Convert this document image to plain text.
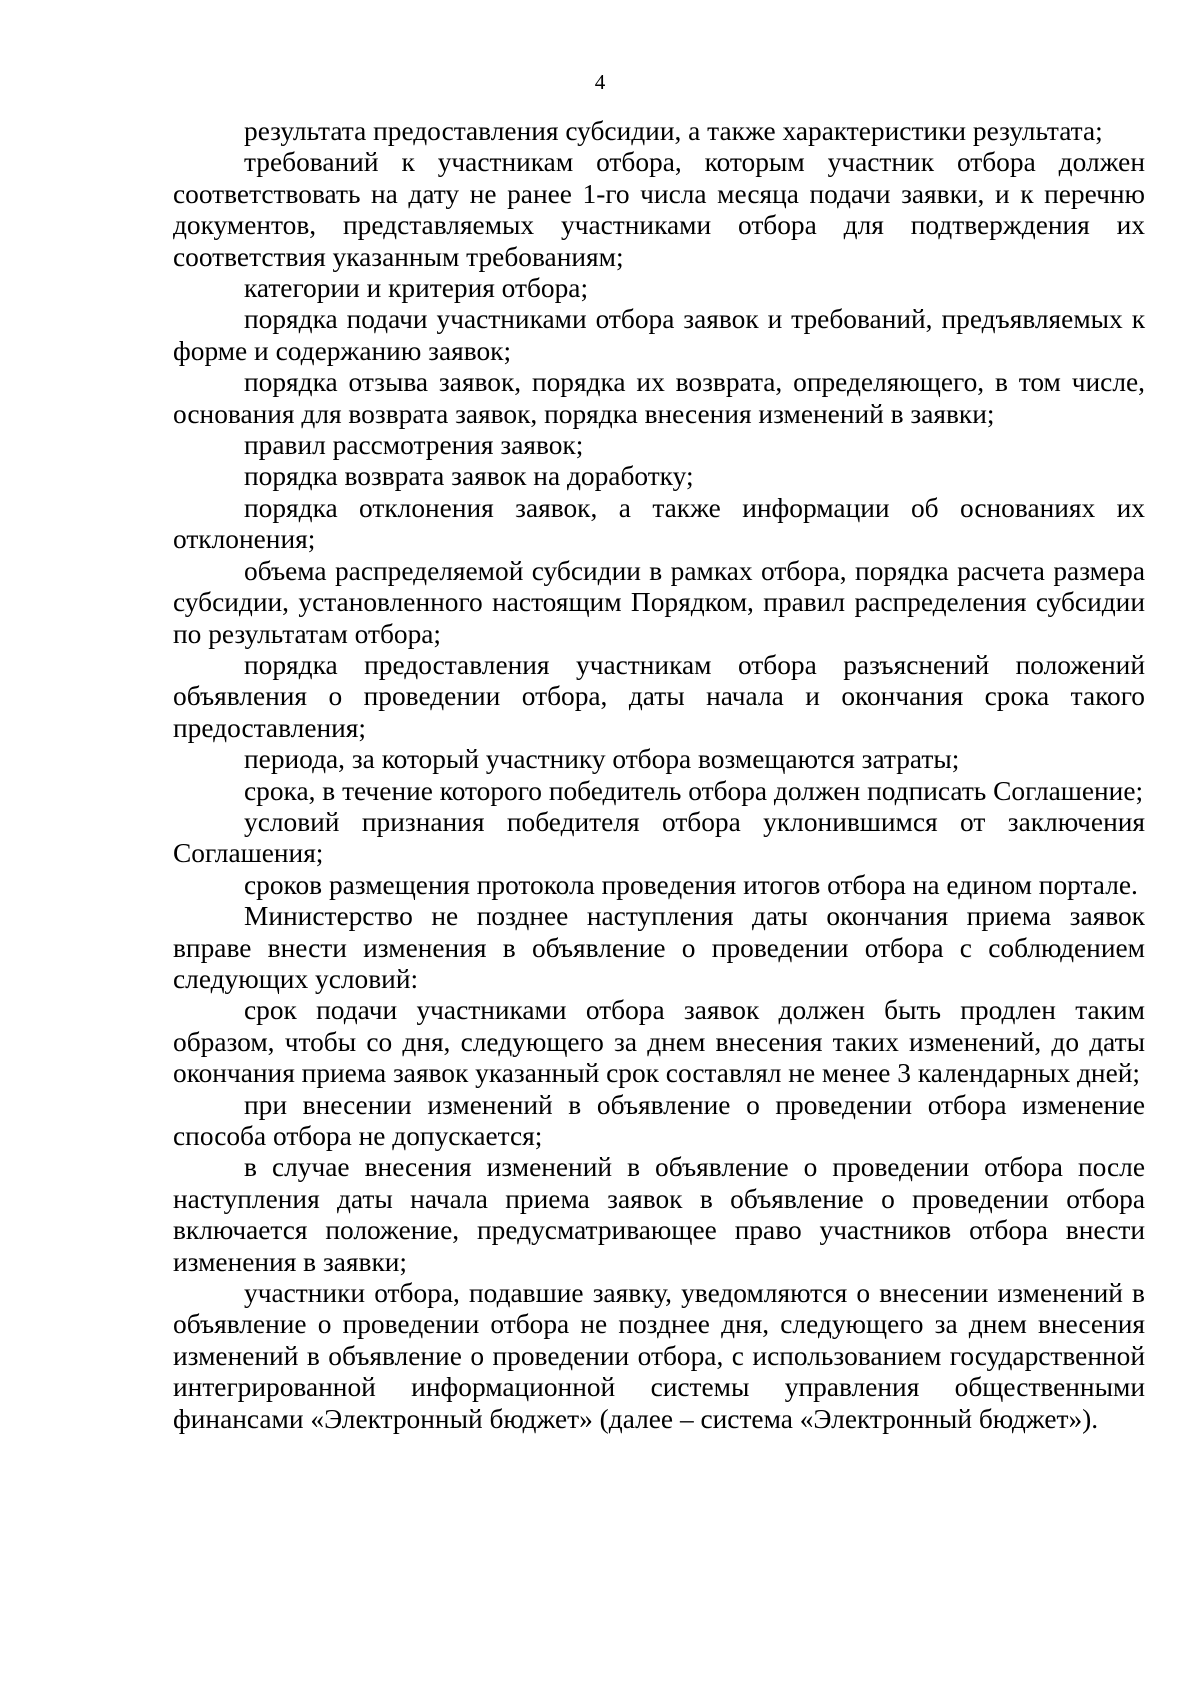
4

результата предоставления субсидии, а также характеристики результата;

требований к участникам отбора, которым участник отбора должен соответствовать на дату не ранее 1-го числа месяца подачи заявки, и к перечню документов, представляемых участниками отбора для подтверждения их соответствия указанным требованиям;

категории и критерия отбора;

порядка подачи участниками отбора заявок и требований, предъявляемых к форме и содержанию заявок;

порядка отзыва заявок, порядка их возврата, определяющего, в том числе, основания для возврата заявок, порядка внесения изменений в заявки;

правил рассмотрения заявок;

порядка возврата заявок на доработку;

порядка отклонения заявок, а также информации об основаниях их отклонения;

объема распределяемой субсидии в рамках отбора, порядка расчета размера субсидии, установленного настоящим Порядком, правил распределения субсидии по результатам отбора;

порядка предоставления участникам отбора разъяснений положений объявления о проведении отбора, даты начала и окончания срока такого предоставления;

периода, за который участнику отбора возмещаются затраты;

срока, в течение которого победитель отбора должен подписать Соглашение;

условий признания победителя отбора уклонившимся от заключения Соглашения;

сроков размещения протокола проведения итогов отбора на едином портале.

Министерство не позднее наступления даты окончания приема заявок вправе внести изменения в объявление о проведении отбора с соблюдением следующих условий:

срок подачи участниками отбора заявок должен быть продлен таким образом, чтобы со дня, следующего за днем внесения таких изменений, до даты окончания приема заявок указанный срок составлял не менее 3 календарных дней;

при внесении изменений в объявление о проведении отбора изменение способа отбора не допускается;

в случае внесения изменений в объявление о проведении отбора после наступления даты начала приема заявок в объявление о проведении отбора включается положение, предусматривающее право участников отбора внести изменения в заявки;

участники отбора, подавшие заявку, уведомляются о внесении изменений в объявление о проведении отбора не позднее дня, следующего за днем внесения изменений в объявление о проведении отбора, с использованием государственной интегрированной информационной системы управления общественными финансами «Электронный бюджет» (далее – система «Электронный бюджет»).
